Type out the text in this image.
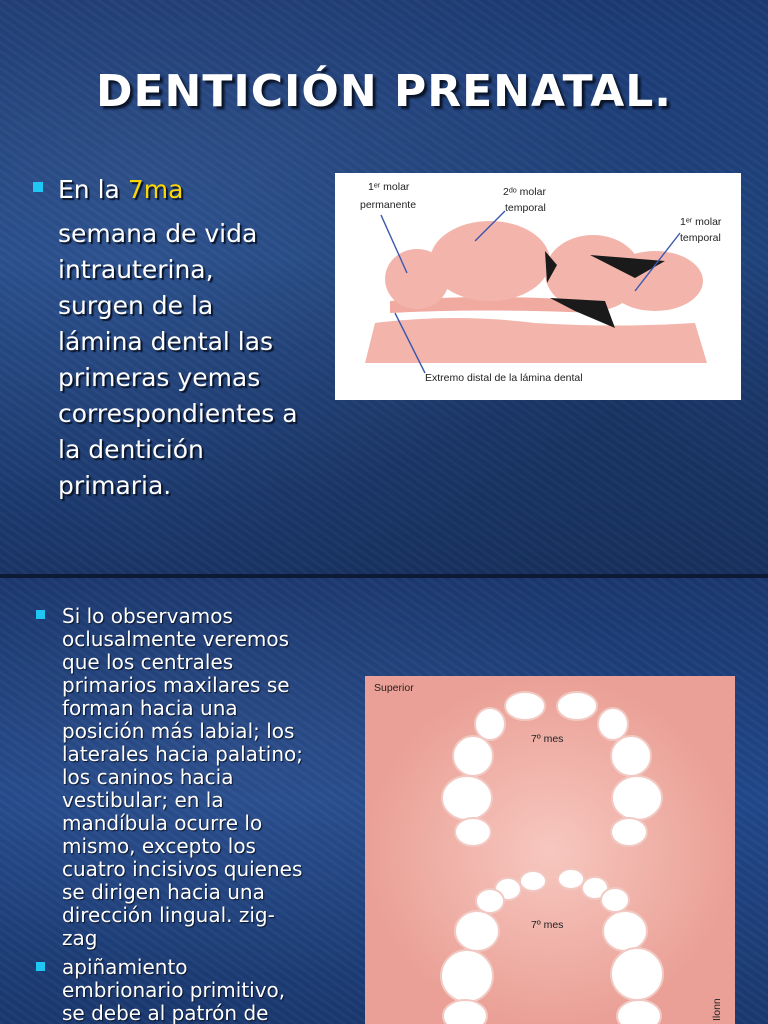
DENTICIÓN PRENATAL.
En la 7ma
semana de vida
intrauterina,
surgen de la
lámina dental las
primeras yemas
correspondientes a
la dentición
primaria.
1ᵉʳ molar
permanente
2ᵈᵒ molar
temporal
1ᵉʳ molar
temporal
Extremo distal de la lámina dental
Si lo observamos
oclusalmente veremos
que los centrales
primarios maxilares se
forman hacia una
posición más labial; los
laterales hacia palatino;
los caninos hacia
vestibular; en la
mandíbula ocurre lo
mismo, excepto los
cuatro incisivos quienes
se dirigen hacia una
dirección lingual. zig-
zag
apiñamiento
embrionario primitivo,
se debe al patrón de
Superior
7º mes
7º mes
Ilonn
